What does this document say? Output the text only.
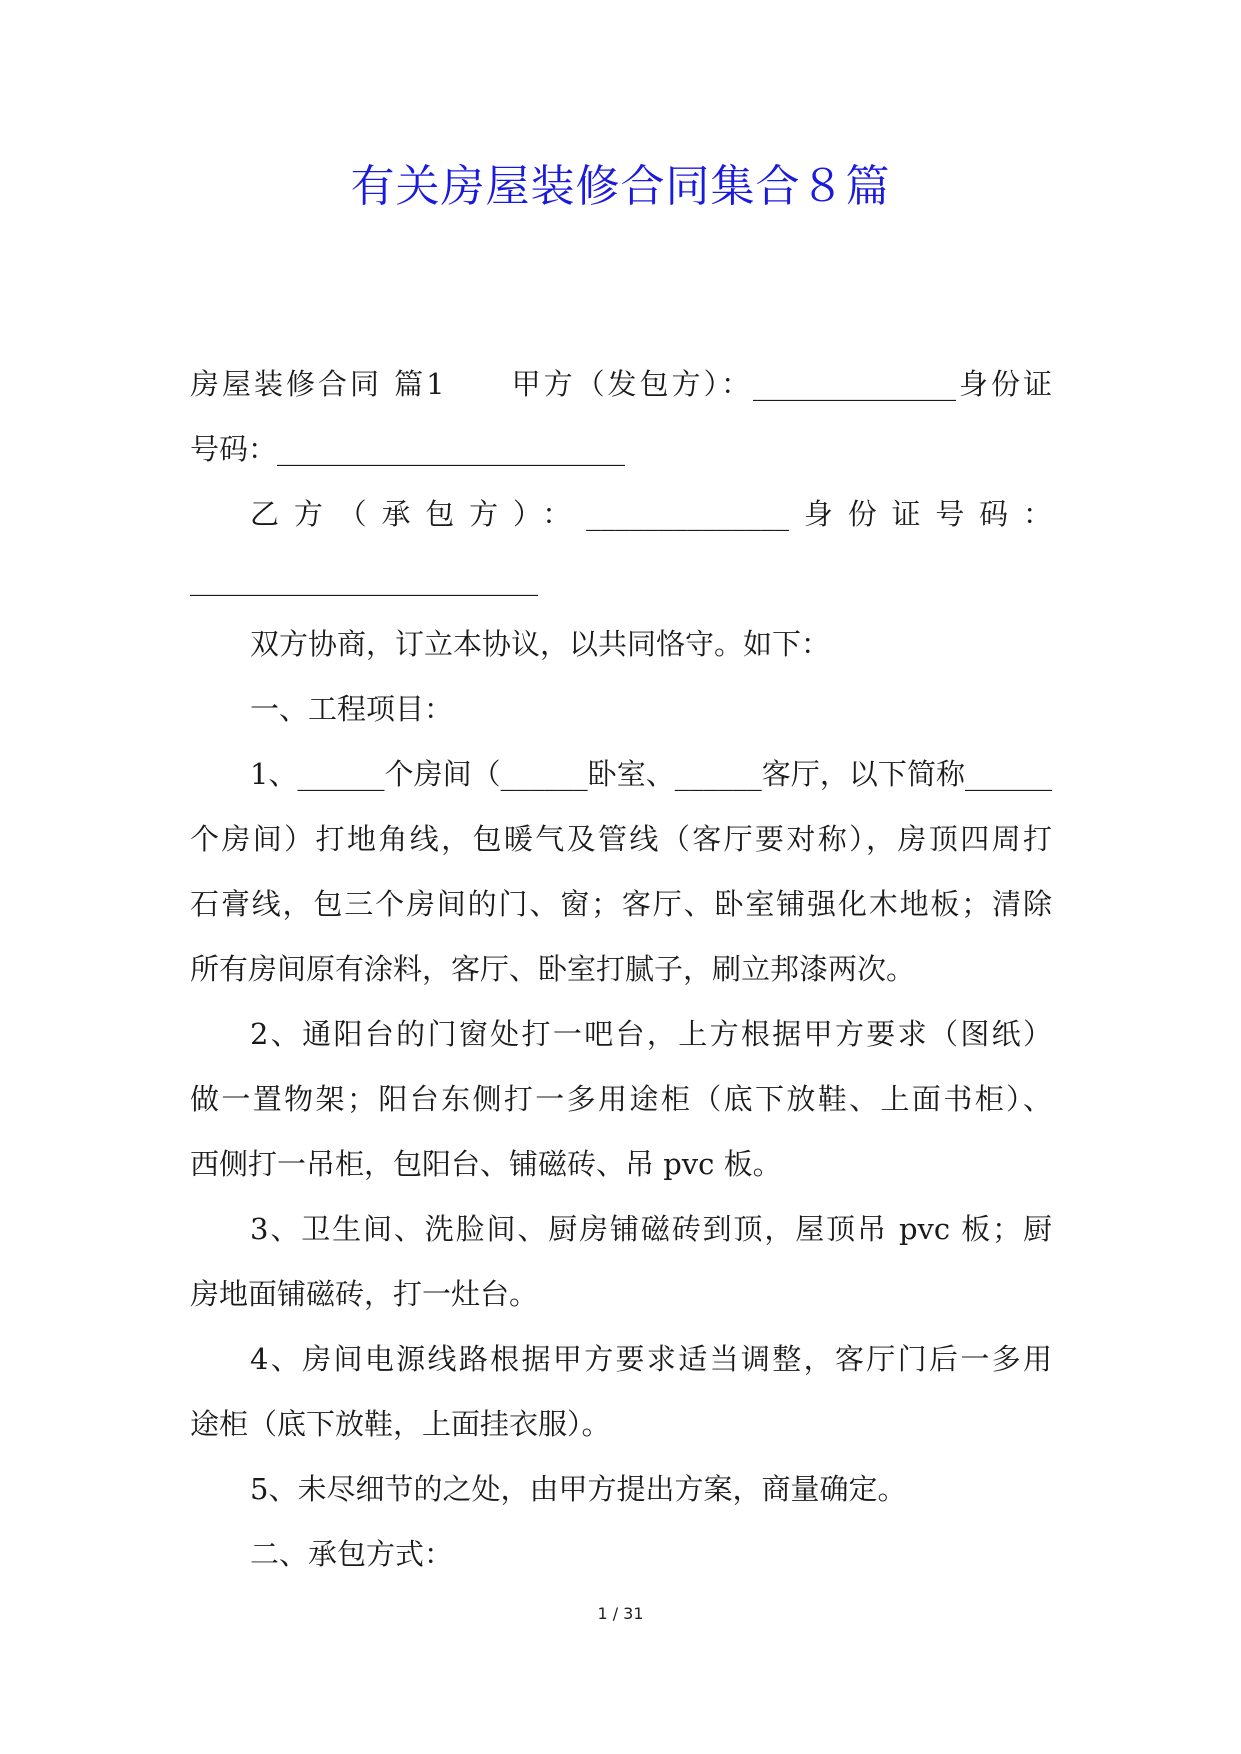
有关房屋装修合同集合８篇

房屋装修合同 篇1　　甲方（发包方）：______________身份证

号码：________________________

乙方（承包方）：______________身份证号码：

________________________

双方协商，订立本协议，以共同恪守。如下：

一、工程项目：

1、______个房间（______卧室、______客厅，以下简称______

个房间）打地角线，包暖气及管线（客厅要对称），房顶四周打

石膏线，包三个房间的门、窗；客厅、卧室铺强化木地板；清除

所有房间原有涂料，客厅、卧室打腻子，刷立邦漆两次。

2、通阳台的门窗处打一吧台，上方根据甲方要求（图纸）

做一置物架；阳台东侧打一多用途柜（底下放鞋、上面书柜）、

西侧打一吊柜，包阳台、铺磁砖、吊 pvc 板。

3、卫生间、洗脸间、厨房铺磁砖到顶，屋顶吊 pvc 板；厨

房地面铺磁砖，打一灶台。

4、房间电源线路根据甲方要求适当调整，客厅门后一多用

途柜（底下放鞋，上面挂衣服）。

5、未尽细节的之处，由甲方提出方案，商量确定。

二、承包方式：

1 / 31
